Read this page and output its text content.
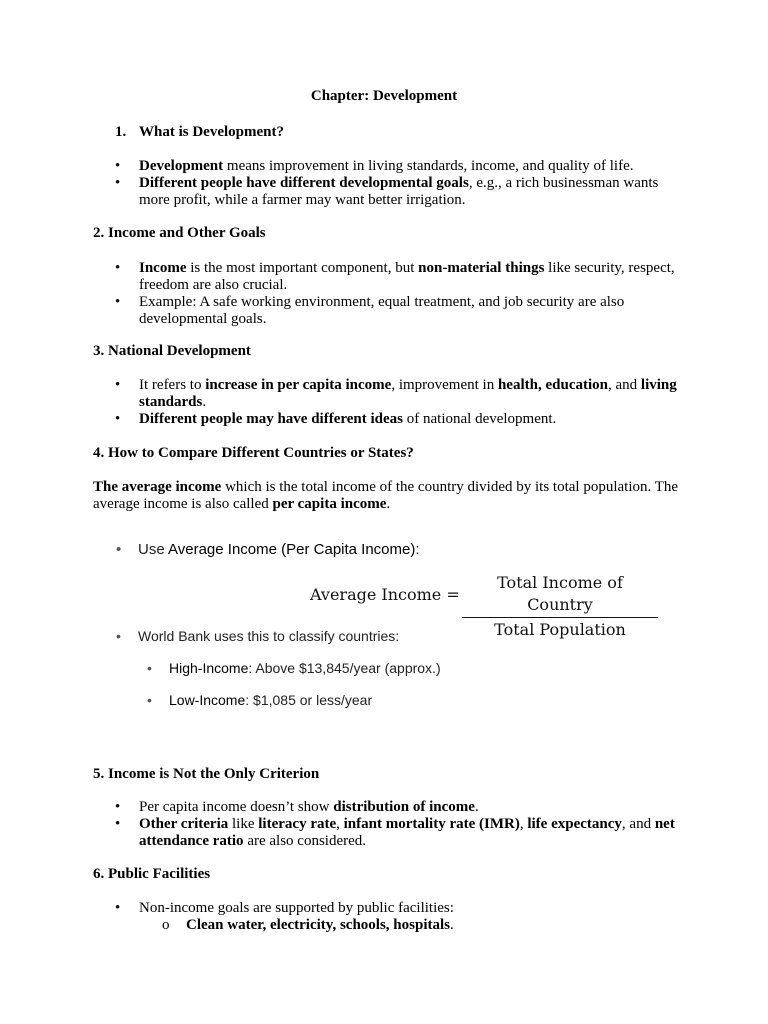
Chapter: Development
1. What is Development?
• Development means improvement in living standards, income, and quality of life.
• Different people have different developmental goals, e.g., a rich businessman wants more profit, while a farmer may want better irrigation.
2. Income and Other Goals
• Income is the most important component, but non-material things like security, respect, freedom are also crucial.
• Example: A safe working environment, equal treatment, and job security are also developmental goals.
3. National Development
• It refers to increase in per capita income, improvement in health, education, and living standards.
• Different people may have different ideas of national development.
4. How to Compare Different Countries or States?
The average income which is the total income of the country divided by its total population. The average income is also called per capita income.
• Use Average Income (Per Capita Income):
Average Income =
Total Income of Country
Total Population
• World Bank uses this to classify countries:
• High-Income: Above $13,845/year (approx.)
• Low-Income: $1,085 or less/year
5. Income is Not the Only Criterion
• Per capita income doesn’t show distribution of income.
• Other criteria like literacy rate, infant mortality rate (IMR), life expectancy, and net attendance ratio are also considered.
6. Public Facilities
• Non-income goals are supported by public facilities:
o Clean water, electricity, schools, hospitals.
